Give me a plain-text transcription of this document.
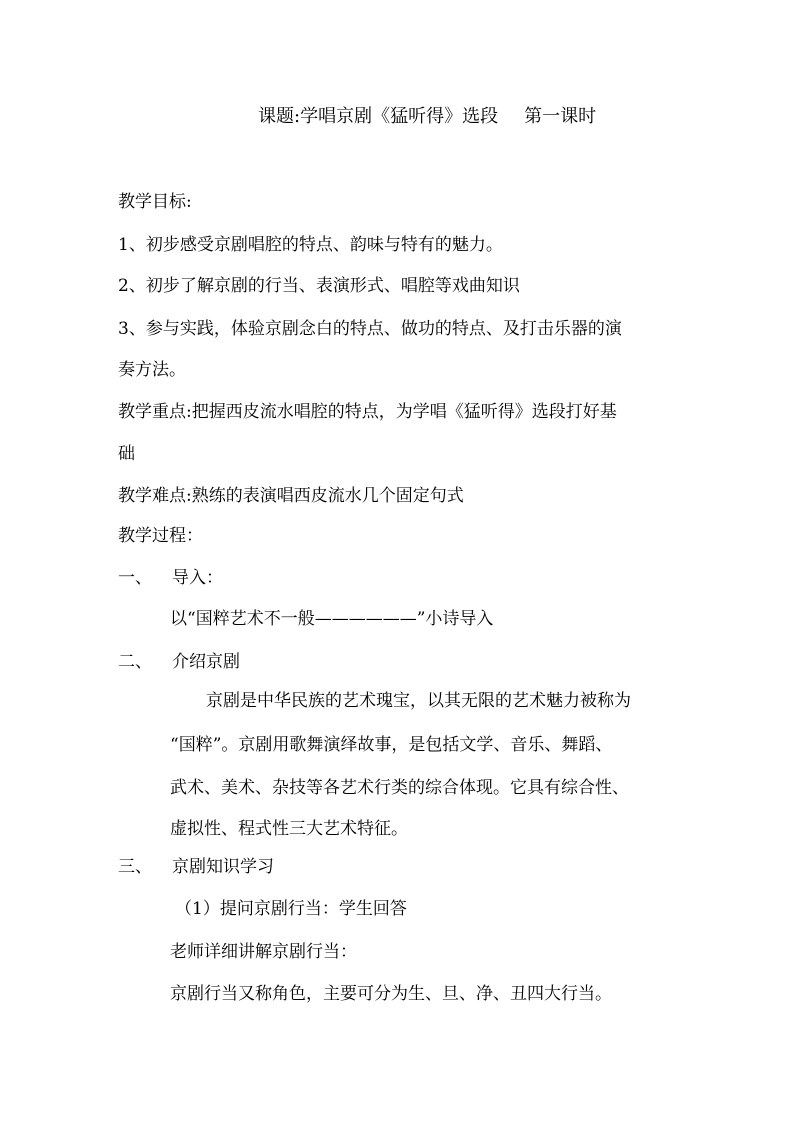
课题:学唱京剧《猛听得》选段 第一课时
教学目标:
1、初步感受京剧唱腔的特点、韵味与特有的魅力。
2、初步了解京剧的行当、表演形式、唱腔等戏曲知识
3、参与实践，体验京剧念白的特点、做功的特点、及打击乐器的演
奏方法。
教学重点:把握西皮流水唱腔的特点，为学唱《猛听得》选段打好基
础
教学难点:熟练的表演唱西皮流水几个固定句式
教学过程：
一、 导入：
以“国粹艺术不一般——————”小诗导入
二、 介绍京剧
京剧是中华民族的艺术瑰宝，以其无限的艺术魅力被称为
“国粹”。京剧用歌舞演绎故事，是包括文学、音乐、舞蹈、
武术、美术、杂技等各艺术行类的综合体现。它具有综合性、
虚拟性、程式性三大艺术特征。
三、 京剧知识学习
（1）提问京剧行当：学生回答
老师详细讲解京剧行当：
京剧行当又称角色，主要可分为生、旦、净、丑四大行当。
